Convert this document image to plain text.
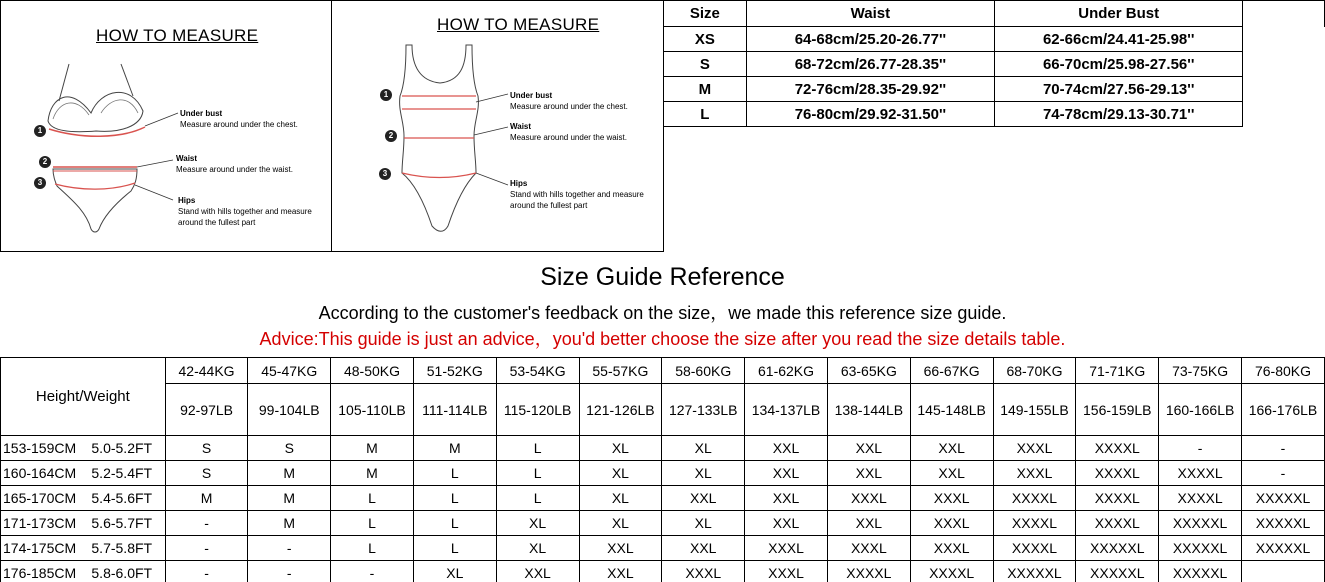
HOW TO MEASURE
1
2
3
Under bust
Measure around under the chest.
Waist
Measure around under the waist.
Hips
Stand with hills together and measure
around the fullest part
HOW TO MEASURE
1
2
3
Under bust
Measure around under the chest.
Waist
Measure around under the waist.
Hips
Stand with hills together and measure
around the fullest part
Size	Waist	Under Bust	
XS	64-68cm/25.20-26.77''	62-66cm/24.41-25.98''	
S	68-72cm/26.77-28.35''	66-70cm/25.98-27.56''	
M	72-76cm/28.35-29.92''	70-74cm/27.56-29.13''	
L	76-80cm/29.92-31.50''	74-78cm/29.13-30.71''	
Size Guide Reference
According to the customer's feedback on the size，we made this reference size guide.
Advice:This guide is just an advice，you'd better choose the size after you read the size details table.
Height/Weight		42-44KG	45-47KG	48-50KG	51-52KG	53-54KG	55-57KG	58-60KG	61-62KG	63-65KG	66-67KG	68-70KG	71-71KG	73-75KG	76-80KG
		92-97LB	99-104LB	105-110LB	111-114LB	115-120LB	121-126LB	127-133LB	134-137LB	138-144LB	145-148LB	149-155LB	156-159LB	160-166LB	166-176LB
153-159CM	5.0-5.2FT	S	S	M	M	L	XL	XL	XXL	XXL	XXL	XXXL	XXXXL	-	-
160-164CM	5.2-5.4FT	S	M	M	L	L	XL	XL	XXL	XXL	XXL	XXXL	XXXXL	XXXXL	-
165-170CM	5.4-5.6FT	M	M	L	L	L	XL	XXL	XXL	XXXL	XXXL	XXXXL	XXXXL	XXXXL	XXXXXL
171-173CM	5.6-5.7FT	-	M	L	L	XL	XL	XL	XXL	XXL	XXXL	XXXXL	XXXXL	XXXXXL	XXXXXL
174-175CM	5.7-5.8FT	-	-	L	L	XL	XXL	XXL	XXXL	XXXL	XXXL	XXXXL	XXXXXL	XXXXXL	XXXXXL
176-185CM	5.8-6.0FT	-	-	-	XL	XXL	XXL	XXXL	XXXL	XXXXL	XXXXL	XXXXXL	XXXXXL	XXXXXL	
